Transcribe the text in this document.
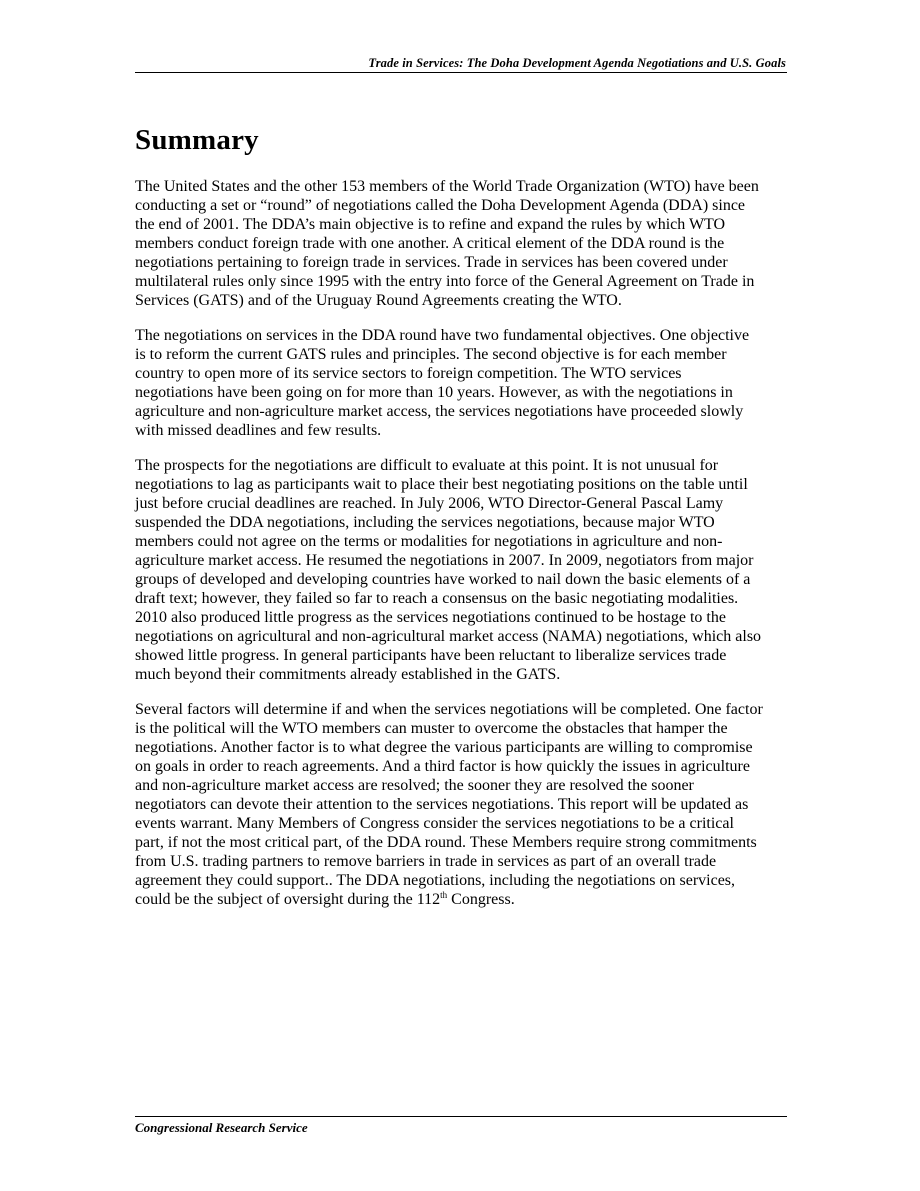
Trade in Services: The Doha Development Agenda Negotiations and U.S. Goals
Summary

The United States and the other 153 members of the World Trade Organization (WTO) have been
conducting a set or “round” of negotiations called the Doha Development Agenda (DDA) since
the end of 2001. The DDA’s main objective is to refine and expand the rules by which WTO
members conduct foreign trade with one another. A critical element of the DDA round is the
negotiations pertaining to foreign trade in services. Trade in services has been covered under
multilateral rules only since 1995 with the entry into force of the General Agreement on Trade in
Services (GATS) and of the Uruguay Round Agreements creating the WTO.

The negotiations on services in the DDA round have two fundamental objectives. One objective
is to reform the current GATS rules and principles. The second objective is for each member
country to open more of its service sectors to foreign competition. The WTO services
negotiations have been going on for more than 10 years. However, as with the negotiations in
agriculture and non-agriculture market access, the services negotiations have proceeded slowly
with missed deadlines and few results.

The prospects for the negotiations are difficult to evaluate at this point. It is not unusual for
negotiations to lag as participants wait to place their best negotiating positions on the table until
just before crucial deadlines are reached. In July 2006, WTO Director-General Pascal Lamy
suspended the DDA negotiations, including the services negotiations, because major WTO
members could not agree on the terms or modalities for negotiations in agriculture and non-
agriculture market access. He resumed the negotiations in 2007. In 2009, negotiators from major
groups of developed and developing countries have worked to nail down the basic elements of a
draft text; however, they failed so far to reach a consensus on the basic negotiating modalities.
2010 also produced little progress as the services negotiations continued to be hostage to the
negotiations on agricultural and non-agricultural market access (NAMA) negotiations, which also
showed little progress. In general participants have been reluctant to liberalize services trade
much beyond their commitments already established in the GATS.

Several factors will determine if and when the services negotiations will be completed. One factor
is the political will the WTO members can muster to overcome the obstacles that hamper the
negotiations. Another factor is to what degree the various participants are willing to compromise
on goals in order to reach agreements. And a third factor is how quickly the issues in agriculture
and non-agriculture market access are resolved; the sooner they are resolved the sooner
negotiators can devote their attention to the services negotiations. This report will be updated as
events warrant. Many Members of Congress consider the services negotiations to be a critical
part, if not the most critical part, of the DDA round. These Members require strong commitments
from U.S. trading partners to remove barriers in trade in services as part of an overall trade
agreement they could support.. The DDA negotiations, including the negotiations on services,
could be the subject of oversight during the 112th Congress.

Congressional Research Service
